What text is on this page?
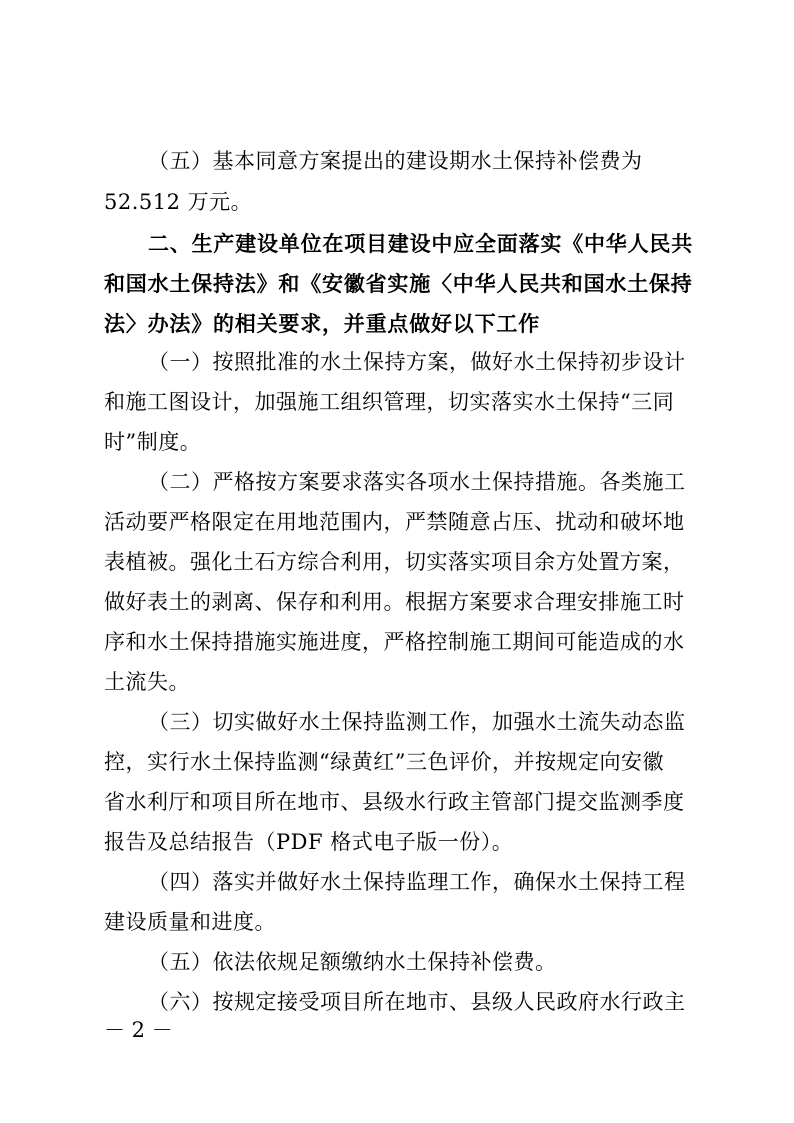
（五）基本同意方案提出的建设期水土保持补偿费为
52.512 万元。
二、生产建设单位在项目建设中应全面落实《中华人民共
和国水土保持法》和《安徽省实施〈中华人民共和国水土保持
法〉办法》的相关要求，并重点做好以下工作
（一）按照批准的水土保持方案，做好水土保持初步设计
和施工图设计，加强施工组织管理，切实落实水土保持“三同
时”制度。
（二）严格按方案要求落实各项水土保持措施。各类施工
活动要严格限定在用地范围内，严禁随意占压、扰动和破坏地
表植被。强化土石方综合利用，切实落实项目余方处置方案，
做好表土的剥离、保存和利用。根据方案要求合理安排施工时
序和水土保持措施实施进度，严格控制施工期间可能造成的水
土流失。
（三）切实做好水土保持监测工作，加强水土流失动态监
控，实行水土保持监测“绿黄红”三色评价，并按规定向安徽
省水利厅和项目所在地市、县级水行政主管部门提交监测季度
报告及总结报告（PDF 格式电子版一份）。
（四）落实并做好水土保持监理工作，确保水土保持工程
建设质量和进度。
（五）依法依规足额缴纳水土保持补偿费。
（六）按规定接受项目所在地市、县级人民政府水行政主
－ 2 －
